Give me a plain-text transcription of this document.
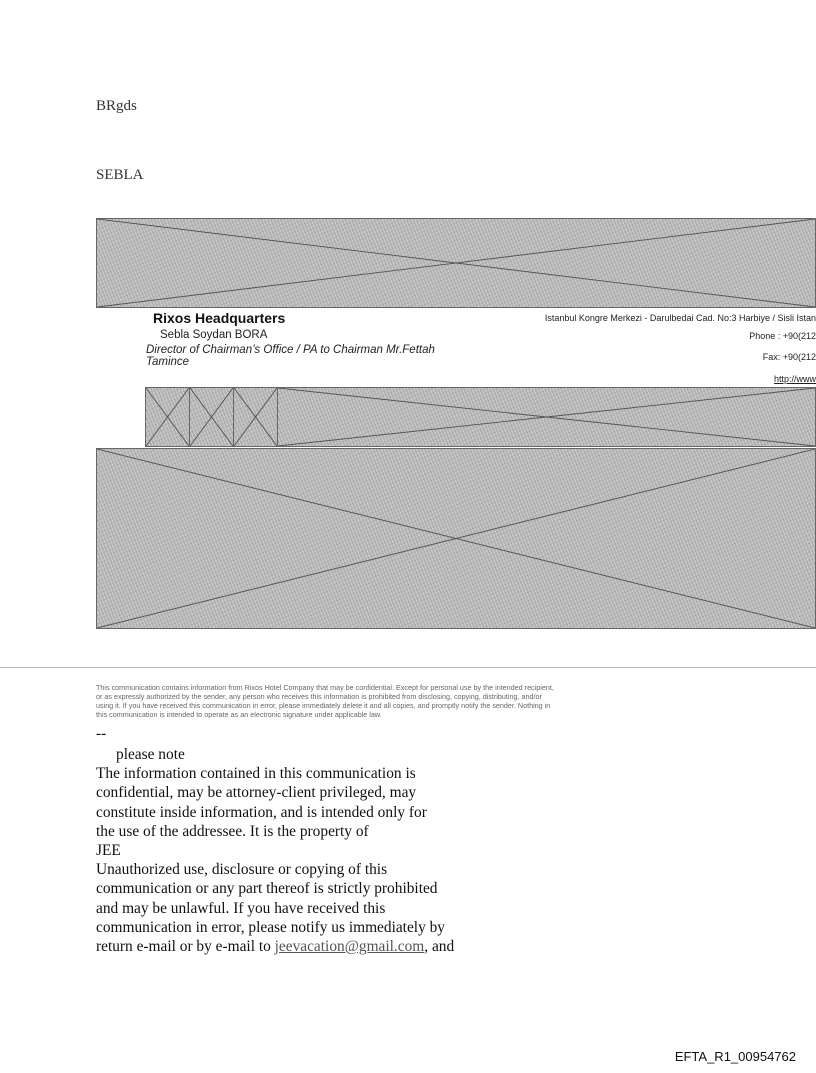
BRgds
SEBLA
Rixos Headquarters
Sebla Soydan BORA
Director of Chairman’s Office / PA to Chairman Mr.Fettah
Tamince
Istanbul Kongre Merkezi - Darulbedai Cad. No:3 Harbiye / Sisli Istan
Phone : +90(212
Fax: +90(212
http://www
This communication contains information from Rixos Hotel Company that may be confidential. Except for personal use by the intended recipient,
or as expressly authorized by the sender, any person who receives this information is prohibited from disclosing, copying, distributing, and/or
using it. If you have received this communication in error, please immediately delete it and all copies, and promptly notify the sender. Nothing in
this communication is intended to operate as an electronic signature under applicable law.
--
please note
The information contained in this communication is
confidential, may be attorney-client privileged, may
constitute inside information, and is intended only for
the use of the addressee. It is the property of
JEE
Unauthorized use, disclosure or copying of this
communication or any part thereof is strictly prohibited
and may be unlawful. If you have received this
communication in error, please notify us immediately by
return e-mail or by e-mail to jeevacation@gmail.com, and
EFTA_R1_00954762
